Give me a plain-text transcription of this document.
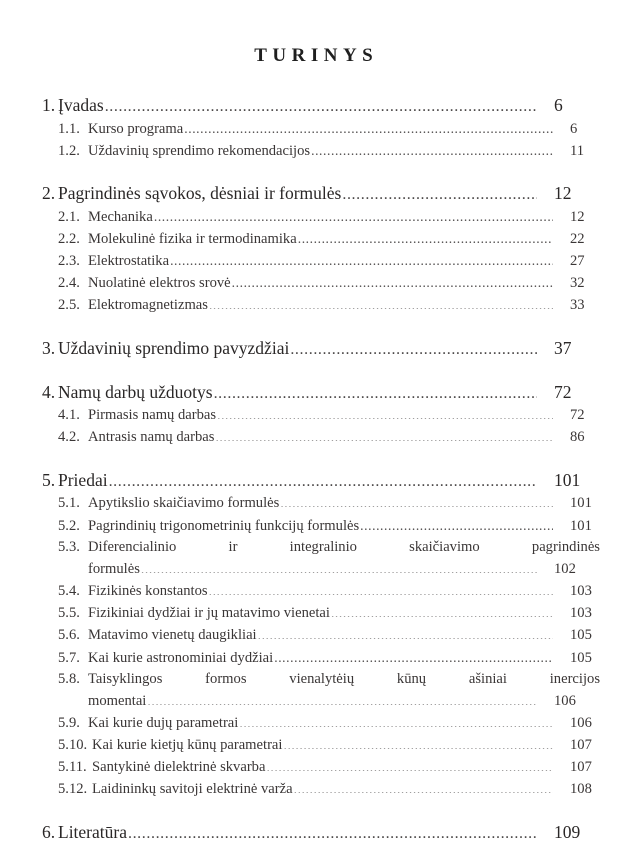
TURINYS
1. Įvadas .....	6
1.1. Kurso programa .....	6
1.2. Uždavinių sprendimo rekomendacijos .....	11
2. Pagrindinės sąvokos, dėsniai ir formulės .....	12
2.1. Mechanika .....	12
2.2. Molekulinė fizika ir termodinamika .....	22
2.3. Elektrostatika .....	27
2.4. Nuolatinė elektros srovė .....	32
2.5. Elektromagnetizmas .....	33
3. Uždavinių sprendimo pavyzdžiai .....	37
4. Namų darbų užduotys .....	72
4.1. Pirmasis namų darbas .....	72
4.2. Antrasis namų darbas .....	86
5. Priedai .....	101
5.1. Apytikslio skaičiavimo formulės .....	101
5.2. Pagrindinių trigonometrinių funkcijų formulės .....	101
5.3. Diferencialinio ir integralinio skaičiavimo pagrindinės
formulės .....	102
5.4. Fizikinės konstantos .....	103
5.5. Fizikiniai dydžiai ir jų matavimo vienetai .....	103
5.6. Matavimo vienetų daugikliai .....	105
5.7. Kai kurie astronominiai dydžiai .....	105
5.8. Taisyklingos formos vienalytėių kūnų ašiniai inercijos
momentai .....	106
5.9. Kai kurie dujų parametrai .....	106
5.10. Kai kurie kietjų kūnų parametrai .....	107
5.11. Santykinė dielektrinė skvarba .....	107
5.12. Laidininkų savitoji elektrinė varža .....	108
6. Literatūra .....	109
